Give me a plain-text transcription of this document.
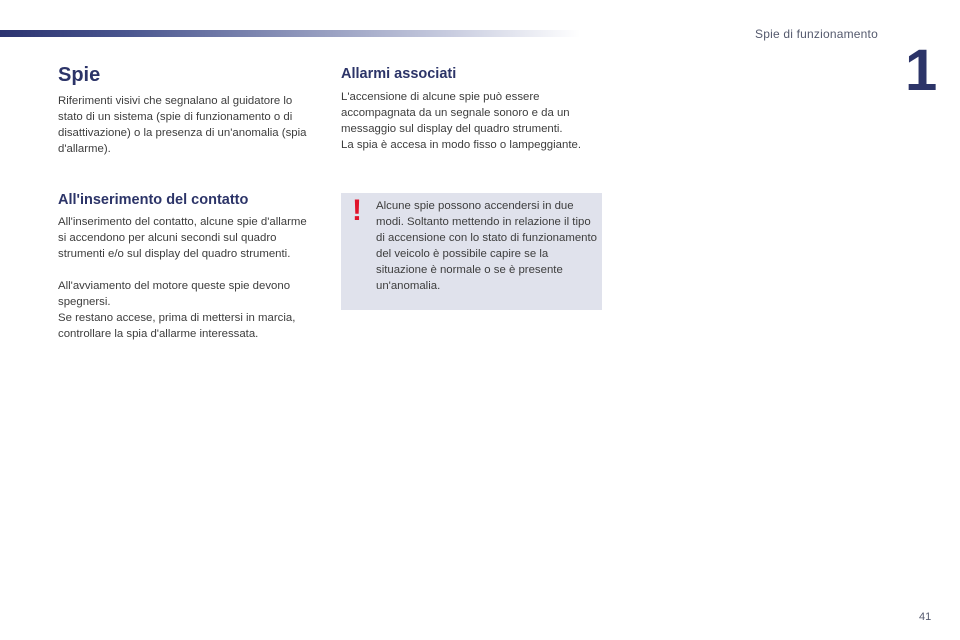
Spie di funzionamento
1
Spie

Riferimenti visivi che segnalano al guidatore lo stato di un sistema (spie di funzionamento o di disattivazione) o la presenza di un'anomalia (spia d'allarme).

All'inserimento del contatto

All'inserimento del contatto, alcune spie d'allarme si accendono per alcuni secondi sul quadro strumenti e/o sul display del quadro strumenti.

All'avviamento del motore queste spie devono spegnersi.

Se restano accese, prima di mettersi in marcia, controllare la spia d'allarme interessata.

Allarmi associati

L'accensione di alcune spie può essere accompagnata da un segnale sonoro e da un messaggio sul display del quadro strumenti.

La spia è accesa in modo fisso o lampeggiante.

! Alcune spie possono accendersi in due modi. Soltanto mettendo in relazione il tipo di accensione con lo stato di funzionamento del veicolo è possibile capire se la situazione è normale o se è presente un'anomalia.

41
